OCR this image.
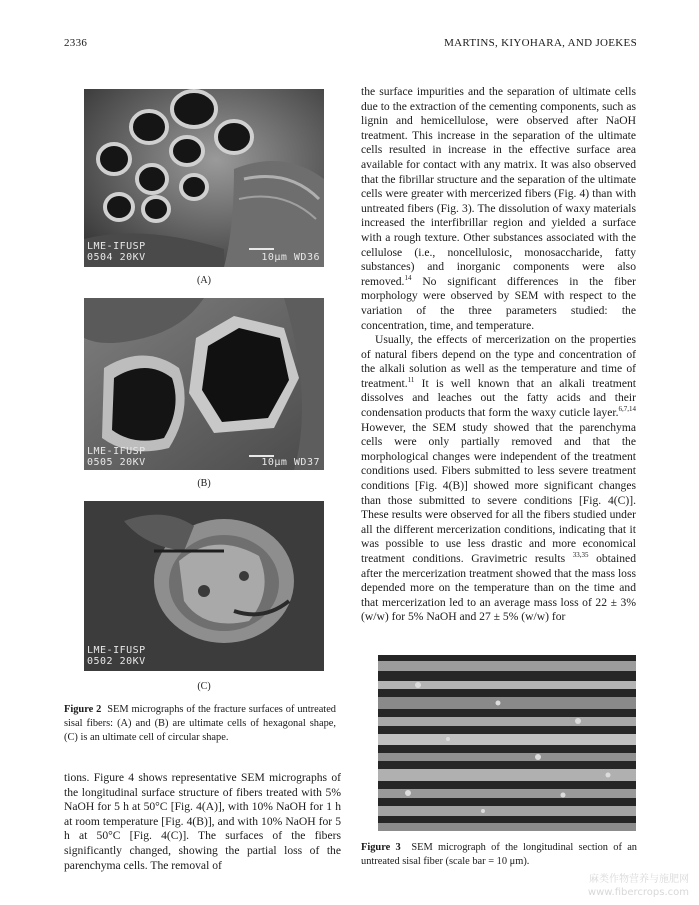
2336	MARTINS, KIYOHARA, AND JOEKES
LME-IFUSP
0504 20KV	10μm WD36
(A)
LME-IFUSP
0505 20KV	10μm WD37
(B)
LME-IFUSP
0502 20KV
(C)
Figure 2 SEM micrographs of the fracture surfaces of untreated sisal fibers: (A) and (B) are ultimate cells of hexagonal shape, (C) is an ultimate cell of circular shape.

tions. Figure 4 shows representative SEM micrographs of the longitudinal surface structure of fibers treated with 5% NaOH for 5 h at 50°C [Fig. 4(A)], with 10% NaOH for 1 h at room temperature [Fig. 4(B)], and with 10% NaOH for 5 h at 50°C [Fig. 4(C)]. The surfaces of the fibers significantly changed, showing the partial loss of the parenchyma cells. The removal of

the surface impurities and the separation of ultimate cells due to the extraction of the cementing components, such as lignin and hemicellulose, were observed after NaOH treatment. This increase in the separation of the ultimate cells resulted in increase in the effective surface area available for contact with any matrix. It was also observed that the fibrillar structure and the separation of the ultimate cells were greater with mercerized fibers (Fig. 4) than with untreated fibers (Fig. 3). The dissolution of waxy materials increased the interfibrillar region and yielded a surface with a rough texture. Other substances associated with the cellulose (i.e., noncellulosic, monosaccharide, fatty substances) and inorganic components were also removed.$^{14}$ No significant differences in the fiber morphology were observed by SEM with respect to the variation of the three parameters studied: the concentration, time, and temperature.

Usually, the effects of mercerization on the properties of natural fibers depend on the type and concentration of the alkali solution as well as the temperature and time of treatment.$^{11}$ It is well known that an alkali treatment dissolves and leaches out the fatty acids and their condensation products that form the waxy cuticle layer.$^{6,7,14}$ However, the SEM study showed that the parenchyma cells were only partially removed and that the morphological changes were independent of the treatment conditions used. Fibers submitted to less severe treatment conditions [Fig. 4(B)] showed more significant changes than those submitted to severe conditions [Fig. 4(C)]. These results were observed for all the fibers studied under all the different mercerization conditions, indicating that it was possible to use less drastic and more economical treatment conditions. Gravimetric results $^{33,35}$ obtained after the mercerization treatment showed that the mass loss depended more on the temperature than on the time and that mercerization led to an average mass loss of 22 ± 3% (w/w) for 5% NaOH and 27 ± 5% (w/w) for

Figure 3 SEM micrograph of the longitudinal section of an untreated sisal fiber (scale bar = 10 μm).
麻类作物营养与施肥网
www.fibercrops.com
